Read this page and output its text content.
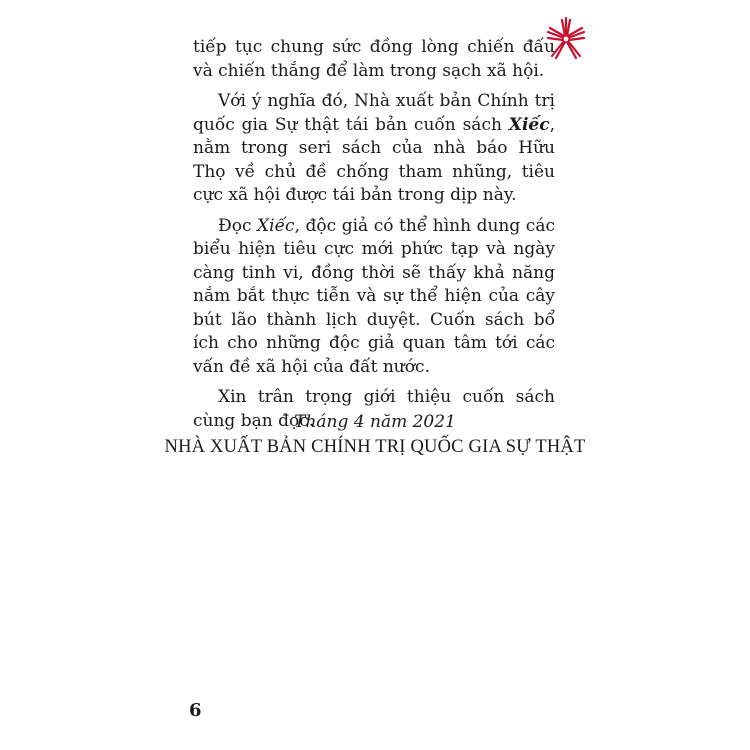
tiếp tục chung sức đồng lòng chiến đấu và chiến thắng để làm trong sạch xã hội.

Với ý nghĩa đó, Nhà xuất bản Chính trị quốc gia Sự thật tái bản cuốn sách Xiếc, nằm trong seri sách của nhà báo Hữu Thọ về chủ đề chống tham nhũng, tiêu cực xã hội được tái bản trong dịp này.

Đọc Xiếc, độc giả có thể hình dung các biểu hiện tiêu cực mới phức tạp và ngày càng tinh vi, đồng thời sẽ thấy khả năng nắm bắt thực tiễn và sự thể hiện của cây bút lão thành lịch duyệt. Cuốn sách bổ ích cho những độc giả quan tâm tới các vấn đề xã hội của đất nước.

Xin trân trọng giới thiệu cuốn sách cùng bạn đọc.

Tháng 4 năm 2021
NHÀ XUẤT BẢN CHÍNH TRỊ QUỐC GIA SỰ THẬT
6
